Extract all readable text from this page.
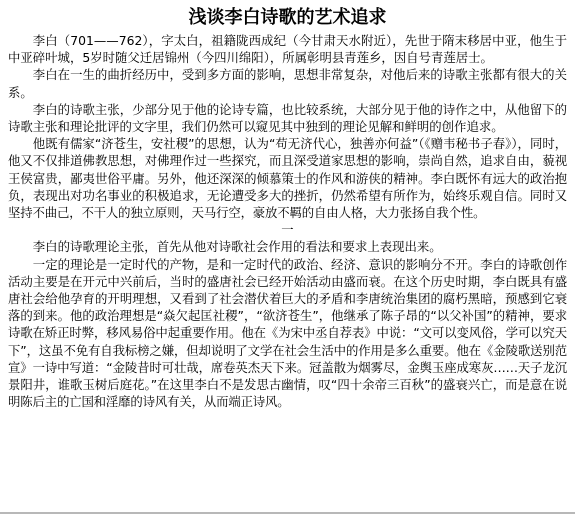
浅谈李白诗歌的艺术追求

李白（701——762），字太白，祖籍陇西成纪（今甘肃天水附近），先世于隋末移居中亚，他生于中亚碎叶城，5岁时随父迁居锦州（今四川绵阳），所属彰明县青莲乡，因自号青莲居士。

李白在一生的曲折经历中，受到多方面的影响，思想非常复杂，对他后来的诗歌主张都有很大的关系。

李白的诗歌主张，少部分见于他的论诗专篇，也比较系统，大部分见于他的诗作之中，从他留下的诗歌主张和理论批评的文字里，我们仍然可以窥见其中独到的理论见解和鲜明的创作追求。

他既有儒家“济苍生，安社稷”的思想，认为“苟无济代心，独善亦何益”（《赠韦秘书子春》），同时，他又不仅排道佛教思想，对佛理作过一些探究，而且深受道家思想的影响，崇尚自然，追求自由，藐视王侯富贵，鄙夷世俗平庸。另外，他还深深的倾慕策士的作风和游侠的精神。李白既怀有远大的政治抱负，表现出对功名事业的积极追求，无论遭受多大的挫折，仍然希望有所作为，始终乐观自信。同时又坚持不曲己，不干人的独立原则，天马行空，豪放不羁的自由人格，大力张扬自我个性。

一

李白的诗歌理论主张，首先从他对诗歌社会作用的看法和要求上表现出来。

一定的理论是一定时代的产物，是和一定时代的政治、经济、意识的影响分不开。李白的诗歌创作活动主要是在开元中兴前后，当时的盛唐社会已经开始活动由盛而衰。在这个历史时期，李白既具有盛唐社会给他孕育的开明理想，又看到了社会潜伏着巨大的矛盾和李唐统治集团的腐朽黑暗，预感到它衰落的到来。他的政治理想是“焱欠起匡社稷”，“欲济苍生”，他继承了陈子昂的“以父补国”的精神，要求诗歌在矫正时弊，移风易俗中起重要作用。他在《为宋中丞自荐表》中说：“文可以变风俗，学可以究天下”，这虽不免有自我标榜之嫌，但却说明了文学在社会生活中的作用是多么重要。他在《金陵歌送别范宣》一诗中写道：“金陵昔时可壮哉，席卷英杰天下来。冠盖散为烟雾尽，金舆玉座成寒灰……天子龙沉景阳井，谁歌玉树后庭花。”在这里李白不是发思古幽情，叹“四十余帝三百秋”的盛衰兴亡，而是意在说明陈后主的亡国和淫靡的诗风有关，从而端正诗风。
